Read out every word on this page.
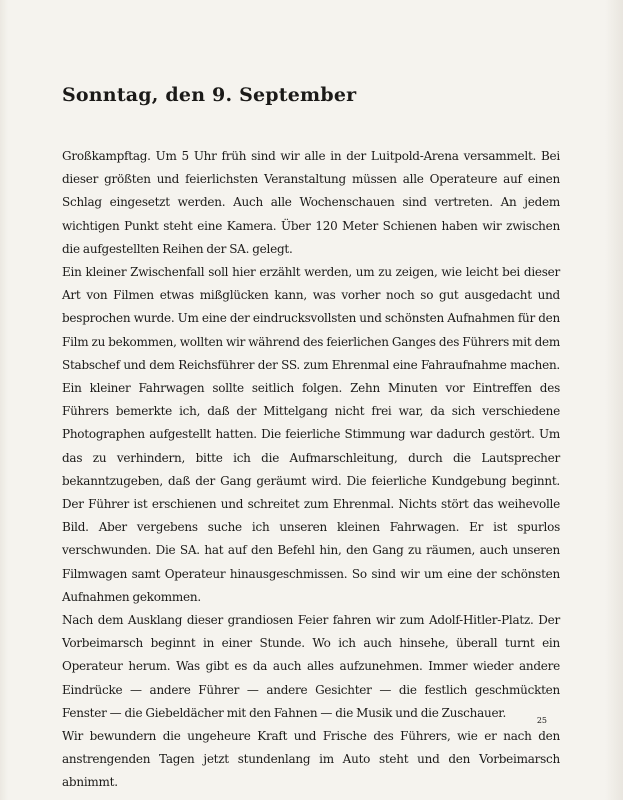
Sonntag, den 9. September

Großkampftag. Um 5 Uhr früh sind wir alle in der Luitpold-Arena versammelt. Bei dieser größten und feierlichsten Veranstaltung müssen alle Operateure auf einen Schlag eingesetzt werden. Auch alle Wochenschauen sind vertreten. An jedem wichtigen Punkt steht eine Kamera. Über 120 Meter Schienen haben wir zwischen die aufgestellten Reihen der SA. gelegt.

Ein kleiner Zwischenfall soll hier erzählt werden, um zu zeigen, wie leicht bei dieser Art von Filmen etwas mißglücken kann, was vorher noch so gut ausgedacht und besprochen wurde. Um eine der eindrucksvollsten und schönsten Aufnahmen für den Film zu bekommen, wollten wir während des feierlichen Ganges des Führers mit dem Stabschef und dem Reichsführer der SS. zum Ehrenmal eine Fahraufnahme machen. Ein kleiner Fahrwagen sollte seitlich folgen. Zehn Minuten vor Eintreffen des Führers bemerkte ich, daß der Mittelgang nicht frei war, da sich verschiedene Photographen aufgestellt hatten. Die feierliche Stimmung war dadurch gestört. Um das zu verhindern, bitte ich die Aufmarschleitung, durch die Lautsprecher bekanntzugeben, daß der Gang geräumt wird. Die feierliche Kundgebung beginnt. Der Führer ist erschienen und schreitet zum Ehrenmal. Nichts stört das weihevolle Bild. Aber vergebens suche ich unseren kleinen Fahrwagen. Er ist spurlos verschwunden. Die SA. hat auf den Befehl hin, den Gang zu räumen, auch unseren Filmwagen samt Operateur hinausgeschmissen. So sind wir um eine der schönsten Aufnahmen gekommen.

Nach dem Ausklang dieser grandiosen Feier fahren wir zum Adolf-Hitler-Platz. Der Vorbeimarsch beginnt in einer Stunde. Wo ich auch hinsehe, überall turnt ein Operateur herum. Was gibt es da auch alles aufzunehmen. Immer wieder andere Eindrücke — andere Führer — andere Gesichter — die festlich geschmückten Fenster — die Giebeldächer mit den Fahnen — die Musik und die Zuschauer.

Wir bewundern die ungeheure Kraft und Frische des Führers, wie er nach den anstrengenden Tagen jetzt stundenlang im Auto steht und den Vorbeimarsch abnimmt.

25
